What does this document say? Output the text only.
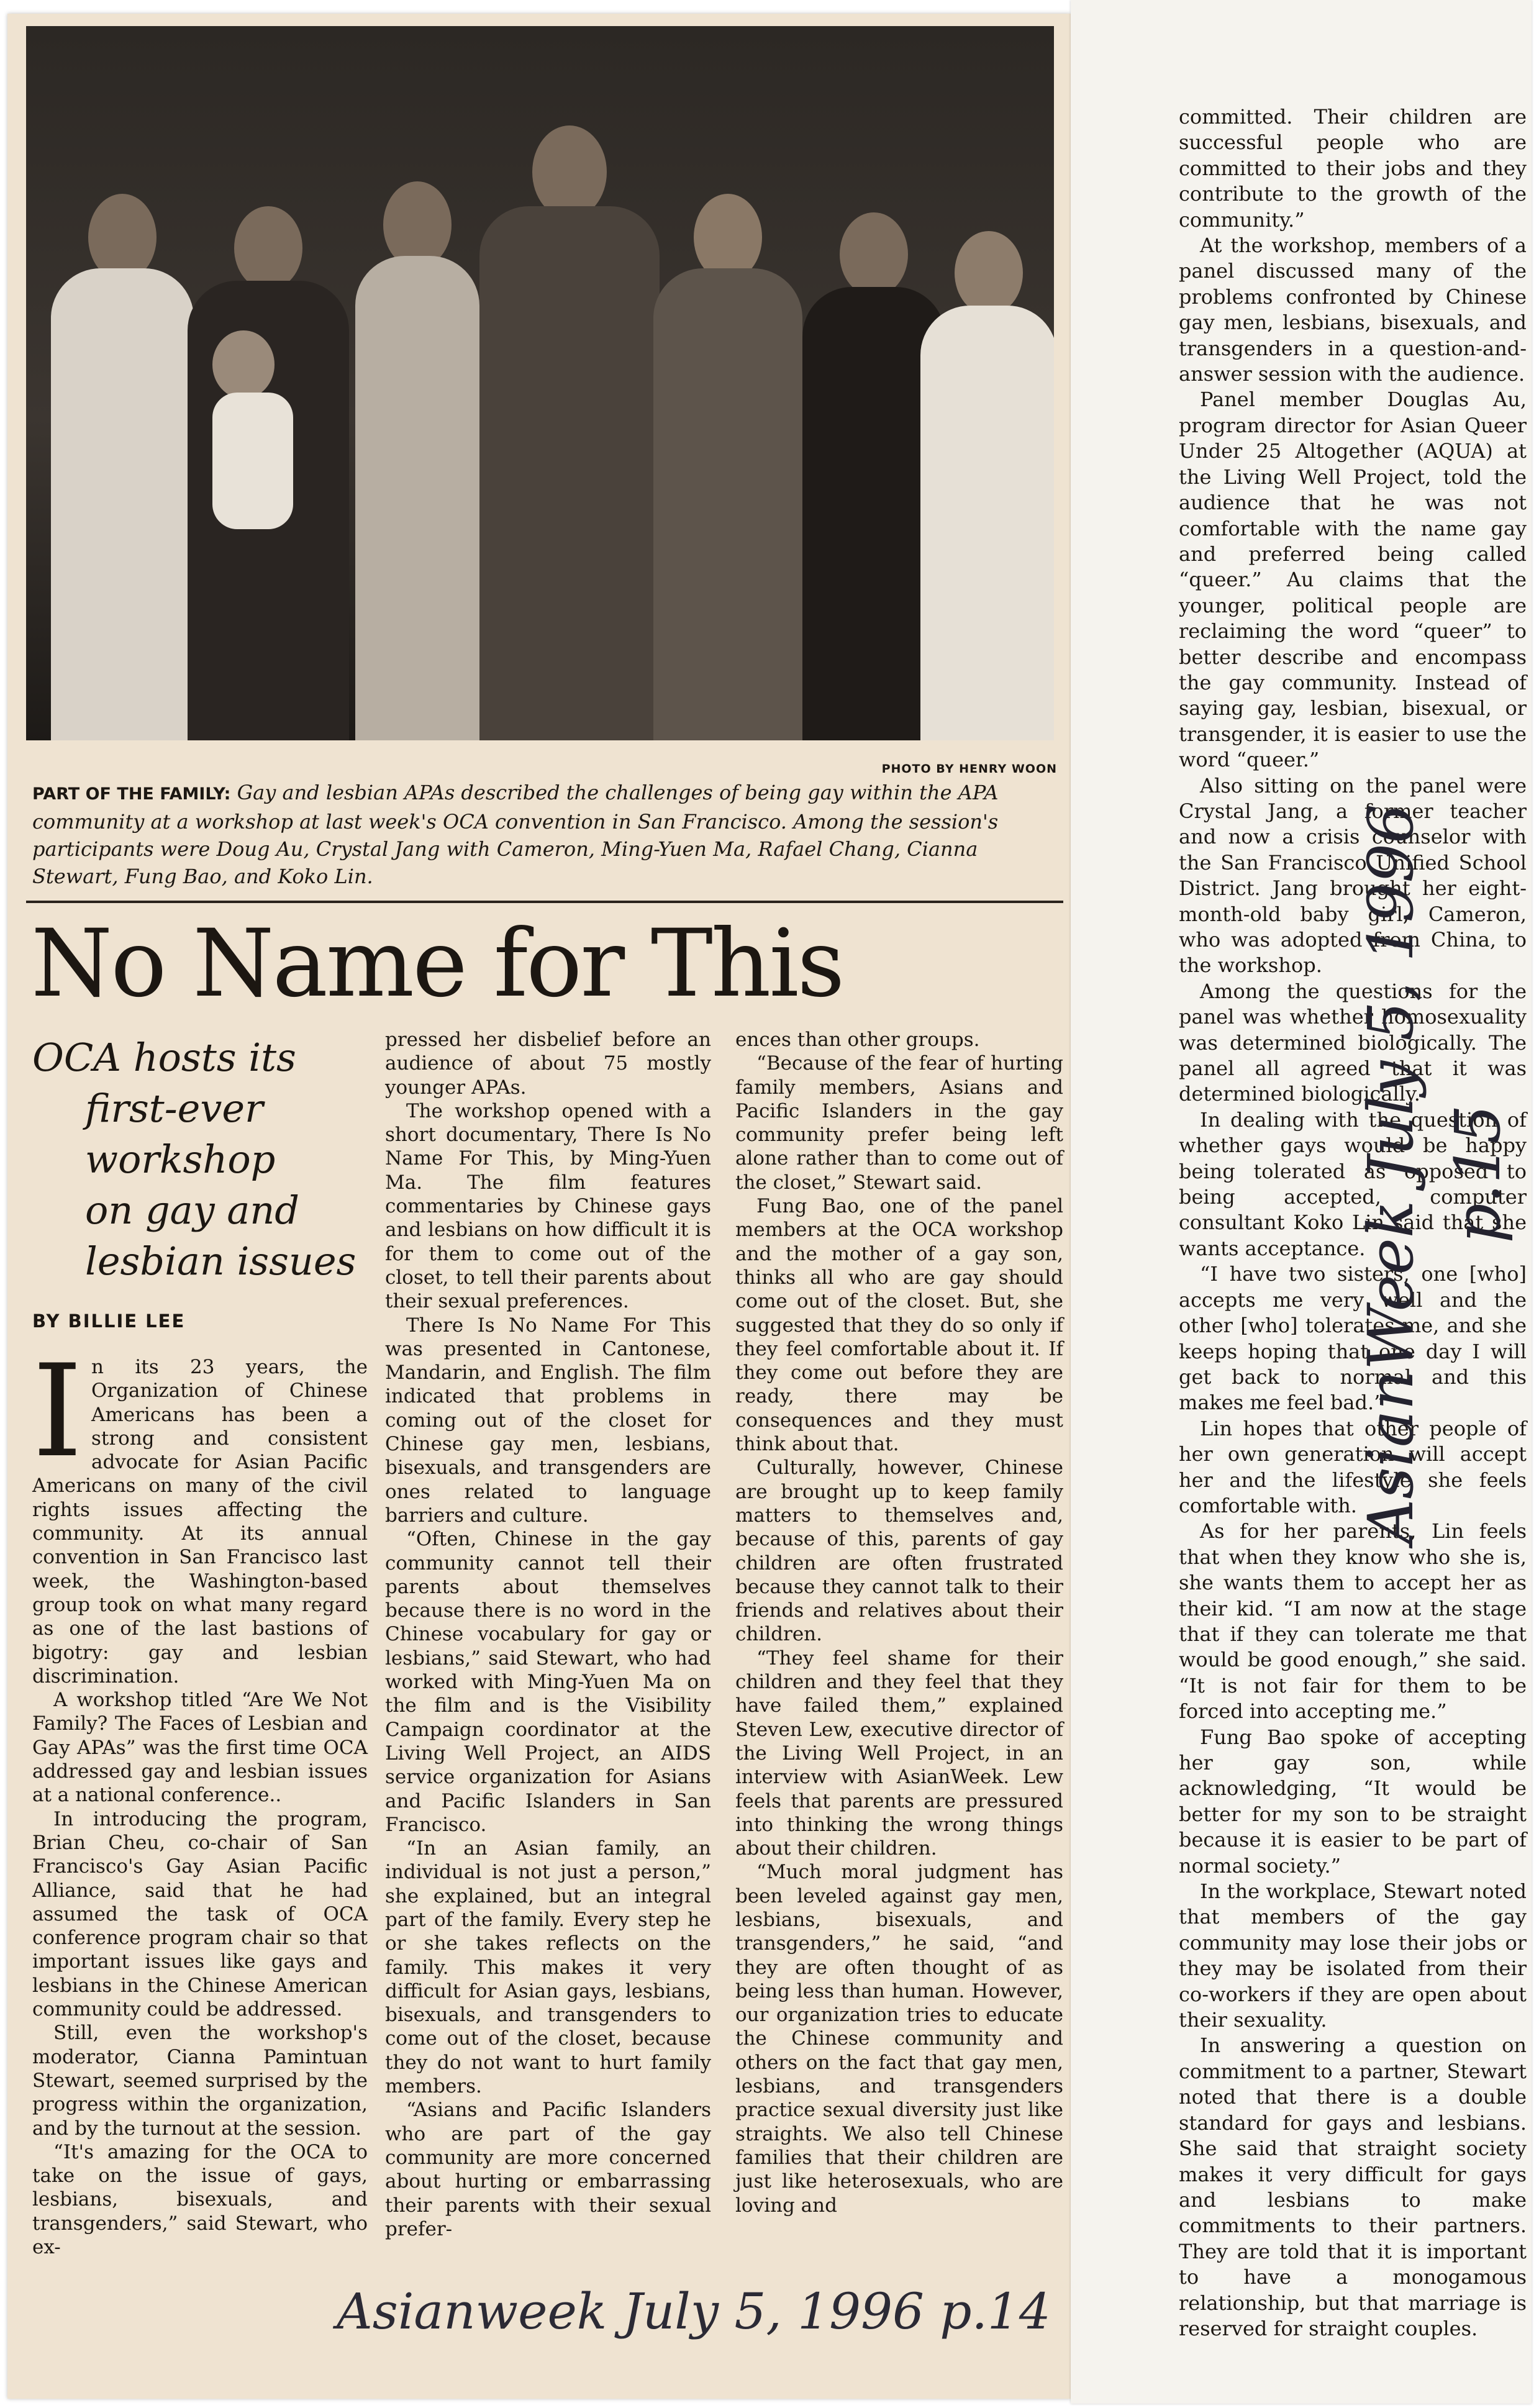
PHOTO BY HENRY WOON
PART OF THE FAMILY: Gay and lesbian APAs described the challenges of being gay within the APA community at a workshop at last week's OCA convention in San Francisco. Among the session's participants were Doug Au, Crystal Jang with Cameron, Ming-Yuen Ma, Rafael Chang, Cianna Stewart, Fung Bao, and Koko Lin.
No Name for This
OCA hosts its
first-ever
workshop
on gay and
lesbian issues
BY BILLIE LEE

In its 23 years, the Organization of Chinese Americans has been a strong and consistent advocate for Asian Pacific Americans on many of the civil rights issues affecting the community. At its annual convention in San Francisco last week, the Washington-based group took on what many regard as one of the last bastions of bigotry: gay and lesbian discrimination.

A workshop titled “Are We Not Family? The Faces of Lesbian and Gay APAs” was the first time OCA addressed gay and lesbian issues at a national conference..

In introducing the program, Brian Cheu, co-chair of San Francisco's Gay Asian Pacific Alliance, said that he had assumed the task of OCA conference program chair so that important issues like gays and lesbians in the Chinese American community could be addressed.

Still, even the workshop's moderator, Cianna Pamintuan Stewart, seemed surprised by the progress within the organization, and by the turnout at the session.

“It's amazing for the OCA to take on the issue of gays, lesbians, bisexuals, and transgenders,” said Stewart, who ex-

pressed her disbelief before an audience of about 75 mostly younger APAs.

The workshop opened with a short documentary, There Is No Name For This, by Ming-Yuen Ma. The film features commentaries by Chinese gays and lesbians on how difficult it is for them to come out of the closet, to tell their parents about their sexual preferences.

There Is No Name For This was presented in Cantonese, Mandarin, and English. The film indicated that problems in coming out of the closet for Chinese gay men, lesbians, bisexuals, and transgenders are ones related to language barriers and culture.

“Often, Chinese in the gay community cannot tell their parents about themselves because there is no word in the Chinese vocabulary for gay or lesbians,” said Stewart, who had worked with Ming-Yuen Ma on the film and is the Visibility Campaign coordinator at the Living Well Project, an AIDS service organization for Asians and Pacific Islanders in San Francisco.

“In an Asian family, an individual is not just a person,” she explained, but an integral part of the family. Every step he or she takes reflects on the family. This makes it very difficult for Asian gays, lesbians, bisexuals, and transgenders to come out of the closet, because they do not want to hurt family members.

“Asians and Pacific Islanders who are part of the gay community are more concerned about hurting or embarrassing their parents with their sexual prefer-

ences than other groups.

“Because of the fear of hurting family members, Asians and Pacific Islanders in the gay community prefer being left alone rather than to come out of the closet,” Stewart said.

Fung Bao, one of the panel members at the OCA workshop and the mother of a gay son, thinks all who are gay should come out of the closet. But, she suggested that they do so only if they feel comfortable about it. If they come out before they are ready, there may be consequences and they must think about that.

Culturally, however, Chinese are brought up to keep family matters to themselves and, because of this, parents of gay children are often frustrated because they cannot talk to their friends and relatives about their children.

“They feel shame for their children and they feel that they have failed them,” explained Steven Lew, executive director of the Living Well Project, in an interview with AsianWeek. Lew feels that parents are pressured into thinking the wrong things about their children.

“Much moral judgment has been leveled against gay men, lesbians, bisexuals, and transgenders,” he said, “and they are often thought of as being less than human. However, our organization tries to educate the Chinese community and others on the fact that gay men, lesbians, and transgenders practice sexual diversity just like straights. We also tell Chinese families that their children are just like heterosexuals, who are loving and

Asianweek July 5, 1996 p.14

committed. Their children are successful people who are committed to their jobs and they contribute to the growth of the community.”

At the workshop, members of a panel discussed many of the problems confronted by Chinese gay men, lesbians, bisexuals, and transgenders in a question-and-answer session with the audience.

Panel member Douglas Au, program director for Asian Queer Under 25 Altogether (AQUA) at the Living Well Project, told the audience that he was not comfortable with the name gay and preferred being called “queer.” Au claims that the younger, political people are reclaiming the word “queer” to better describe and encompass the gay community. Instead of saying gay, lesbian, bisexual, or transgender, it is easier to use the word “queer.”

Also sitting on the panel were Crystal Jang, a former teacher and now a crisis counselor with the San Francisco Unified School District. Jang brought her eight-month-old baby girl, Cameron, who was adopted from China, to the workshop.

Among the questions for the panel was whether homosexuality was determined biologically. The panel all agreed that it was determined biologically.

In dealing with the question of whether gays would be happy being tolerated as opposed to being accepted, computer consultant Koko Lin said that she wants acceptance.

“I have two sisters, one [who] accepts me very well and the other [who] tolerates me, and she keeps hoping that one day I will get back to normal and this makes me feel bad.”

Lin hopes that other people of her own generation will accept her and the lifestyle she feels comfortable with.

As for her parents, Lin feels that when they know who she is, she wants them to accept her as their kid. “I am now at the stage that if they can tolerate me that would be good enough,” she said. “It is not fair for them to be forced into accepting me.”

Fung Bao spoke of accepting her gay son, while acknowledging, “It would be better for my son to be straight because it is easier to be part of normal society.”

In the workplace, Stewart noted that members of the gay community may lose their jobs or they may be isolated from their co-workers if they are open about their sexuality.

In answering a question on commitment to a partner, Stewart noted that there is a double standard for gays and lesbians. She said that straight society makes it very difficult for gays and lesbians to make commitments to their partners. They are told that it is important to have a monogamous relationship, but that marriage is reserved for straight couples.

AsianWeek July 5, 1996 p.15
